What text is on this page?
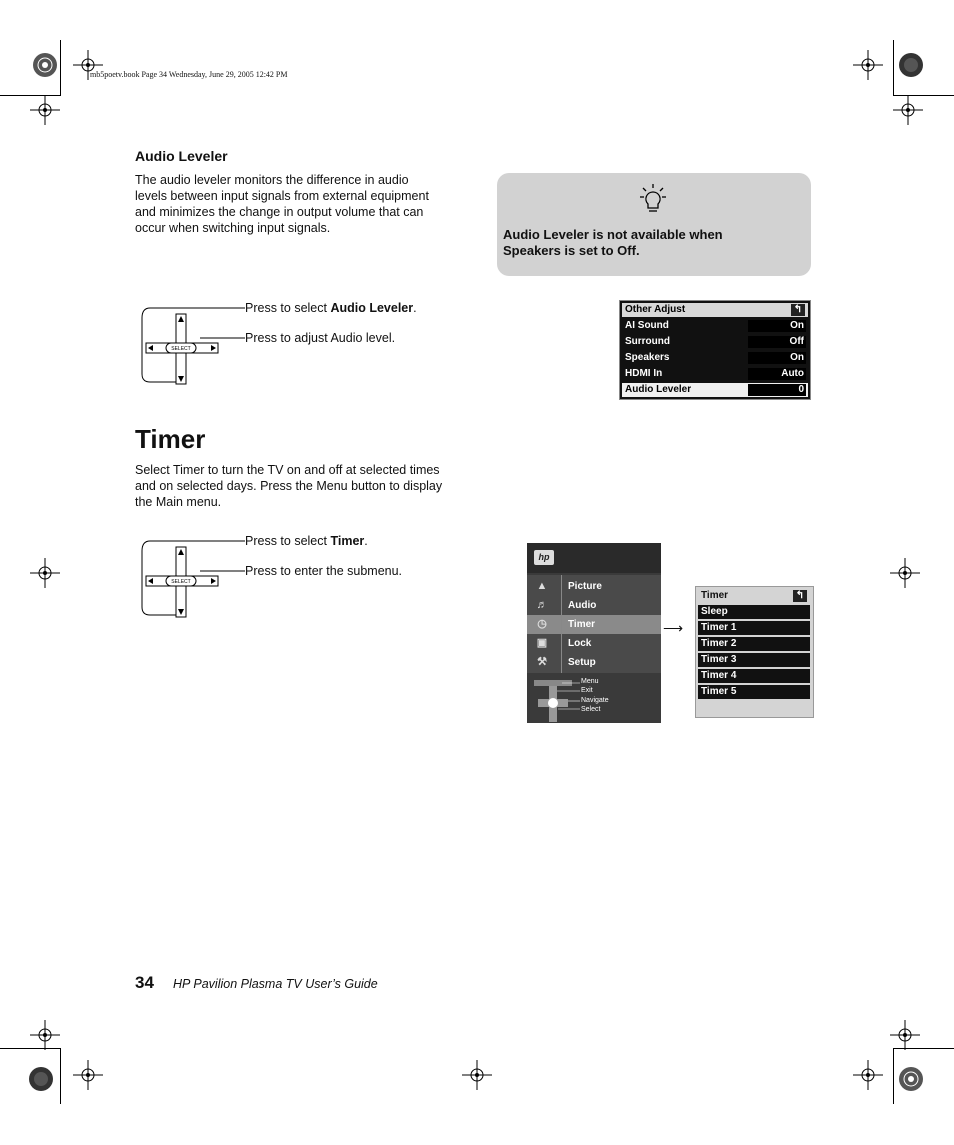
mb5poetv.book Page 34 Wednesday, June 29, 2005 12:42 PM
Audio Leveler
The audio leveler monitors the difference in audio
levels between input signals from external equipment
and minimizes the change in output volume that can
occur when switching input signals.	Audio Leveler is not available when
Speakers is set to Off.
SELECT
Press to select Audio Leveler.
Press to adjust Audio level.
Other Adjust	↰
AI Sound	On
Surround	Off
Speakers	On
HDMI In	Auto
Audio Leveler	0
Timer
Select Timer to turn the TV on and off at selected times
and on selected days. Press the Menu button to display
the Main menu.
SELECT
Press to select Timer.
Press to enter the submenu.
hp
▲ Picture
♬ Audio
◷ Timer
▣ Lock
⚒ Setup
Menu
Exit
Navigate
Select
⟶
Timer	↰
Sleep
Timer 1
Timer 2
Timer 3
Timer 4
Timer 5
34 HP Pavilion Plasma TV User’s Guide
